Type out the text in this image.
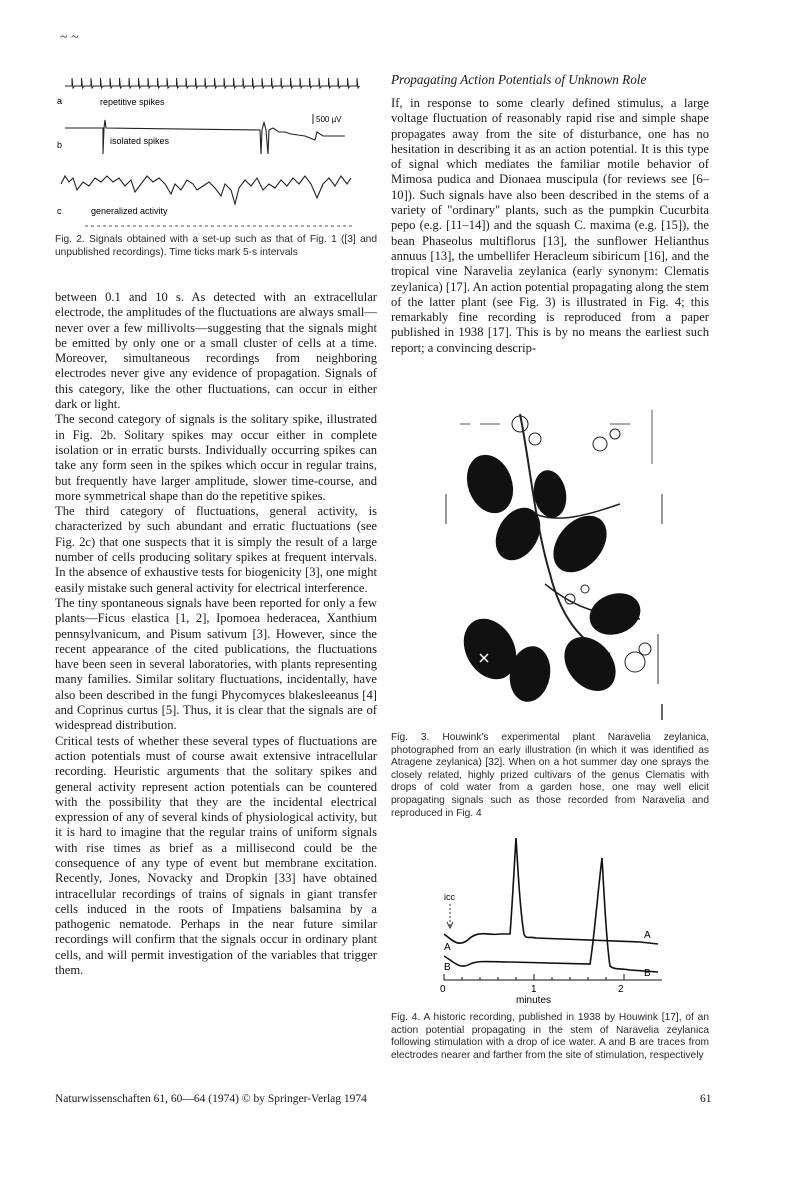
~ ~
a	repetitive spikes
b	isolated spikes
500 µV
c	generalized activity
Fig. 2. Signals obtained with a set-up such as that of Fig. 1 ([3] and unpublished recordings). Time ticks mark 5-s intervals

between 0.1 and 10 s. As detected with an extracellular electrode, the amplitudes of the fluctuations are always small—never over a few millivolts—suggesting that the signals might be emitted by only one or a small cluster of cells at a time. Moreover, simultaneous recordings from neighboring electrodes never give any evidence of propagation. Signals of this category, like the other fluctuations, can occur in either dark or light.

The second category of signals is the solitary spike, illustrated in Fig. 2b. Solitary spikes may occur either in complete isolation or in erratic bursts. Individually occurring spikes can take any form seen in the spikes which occur in regular trains, but frequently have larger amplitude, slower time-course, and more symmetrical shape than do the repetitive spikes.

The third category of fluctuations, general activity, is characterized by such abundant and erratic fluctuations (see Fig. 2c) that one suspects that it is simply the result of a large number of cells producing solitary spikes at frequent intervals. In the absence of exhaustive tests for biogenicity [3], one might easily mistake such general activity for electrical interference.

The tiny spontaneous signals have been reported for only a few plants—Ficus elastica [1, 2], Ipomoea hederacea, Xanthium pennsylvanicum, and Pisum sativum [3]. However, since the recent appearance of the cited publications, the fluctuations have been seen in several laboratories, with plants representing many families. Similar solitary fluctuations, incidentally, have also been described in the fungi Phycomyces blakesleeanus [4] and Coprinus curtus [5]. Thus, it is clear that the signals are of widespread distribution.

Critical tests of whether these several types of fluctuations are action potentials must of course await extensive intracellular recording. Heuristic arguments that the solitary spikes and general activity represent action potentials can be countered with the possibility that they are the incidental electrical expression of any of several kinds of physiological activity, but it is hard to imagine that the regular trains of uniform signals with rise times as brief as a millisecond could be the consequence of any type of event but membrane excitation. Recently, Jones, Novacky and Dropkin [33] have obtained intracellular recordings of trains of signals in giant transfer cells induced in the roots of Impatiens balsamina by a pathogenic nematode. Perhaps in the near future similar recordings will confirm that the signals occur in ordinary plant cells, and will permit investigation of the variables that trigger them.

Propagating Action Potentials of Unknown Role

If, in response to some clearly defined stimulus, a large voltage fluctuation of reasonably rapid rise and simple shape propagates away from the site of disturbance, one has no hesitation in describing it as an action potential. It is this type of signal which mediates the familiar motile behavior of Mimosa pudica and Dionaea muscipula (for reviews see [6–10]). Such signals have also been described in the stems of a variety of "ordinary" plants, such as the pumpkin Cucurbita pepo (e.g. [11–14]) and the squash C. maxima (e.g. [15]), the bean Phaseolus multiflorus [13], the sunflower Helianthus annuus [13], the umbellifer Heracleum sibiricum [16], and the tropical vine Naravelia zeylanica (early synonym: Clematis zeylanica) [17]. An action potential propagating along the stem of the latter plant (see Fig. 3) is illustrated in Fig. 4; this remarkably fine recording is reproduced from a paper published in 1938 [17]. This is by no means the earliest such report; a convincing descrip-

Fig. 3. Houwink's experimental plant Naravelia zeylanica, photographed from an early illustration (in which it was identified as Atragene zeylanica) [32]. When on a hot summer day one sprays the closely related, highly prized cultivars of the genus Clematis with drops of cold water from a garden hose, one may well elicit propagating signals such as those recorded from Naravelia and reproduced in Fig. 4
icc
A
A
B
B
0	1	2
minutes
Fig. 4. A historic recording, published in 1938 by Houwink [17], of an action potential propagating in the stem of Naravelia zeylanica following stimulation with a drop of ice water. A and B are traces from electrodes nearer and farther from the site of stimulation, respectively
Naturwissenschaften 61, 60—64 (1974) © by Springer-Verlag 1974	61
